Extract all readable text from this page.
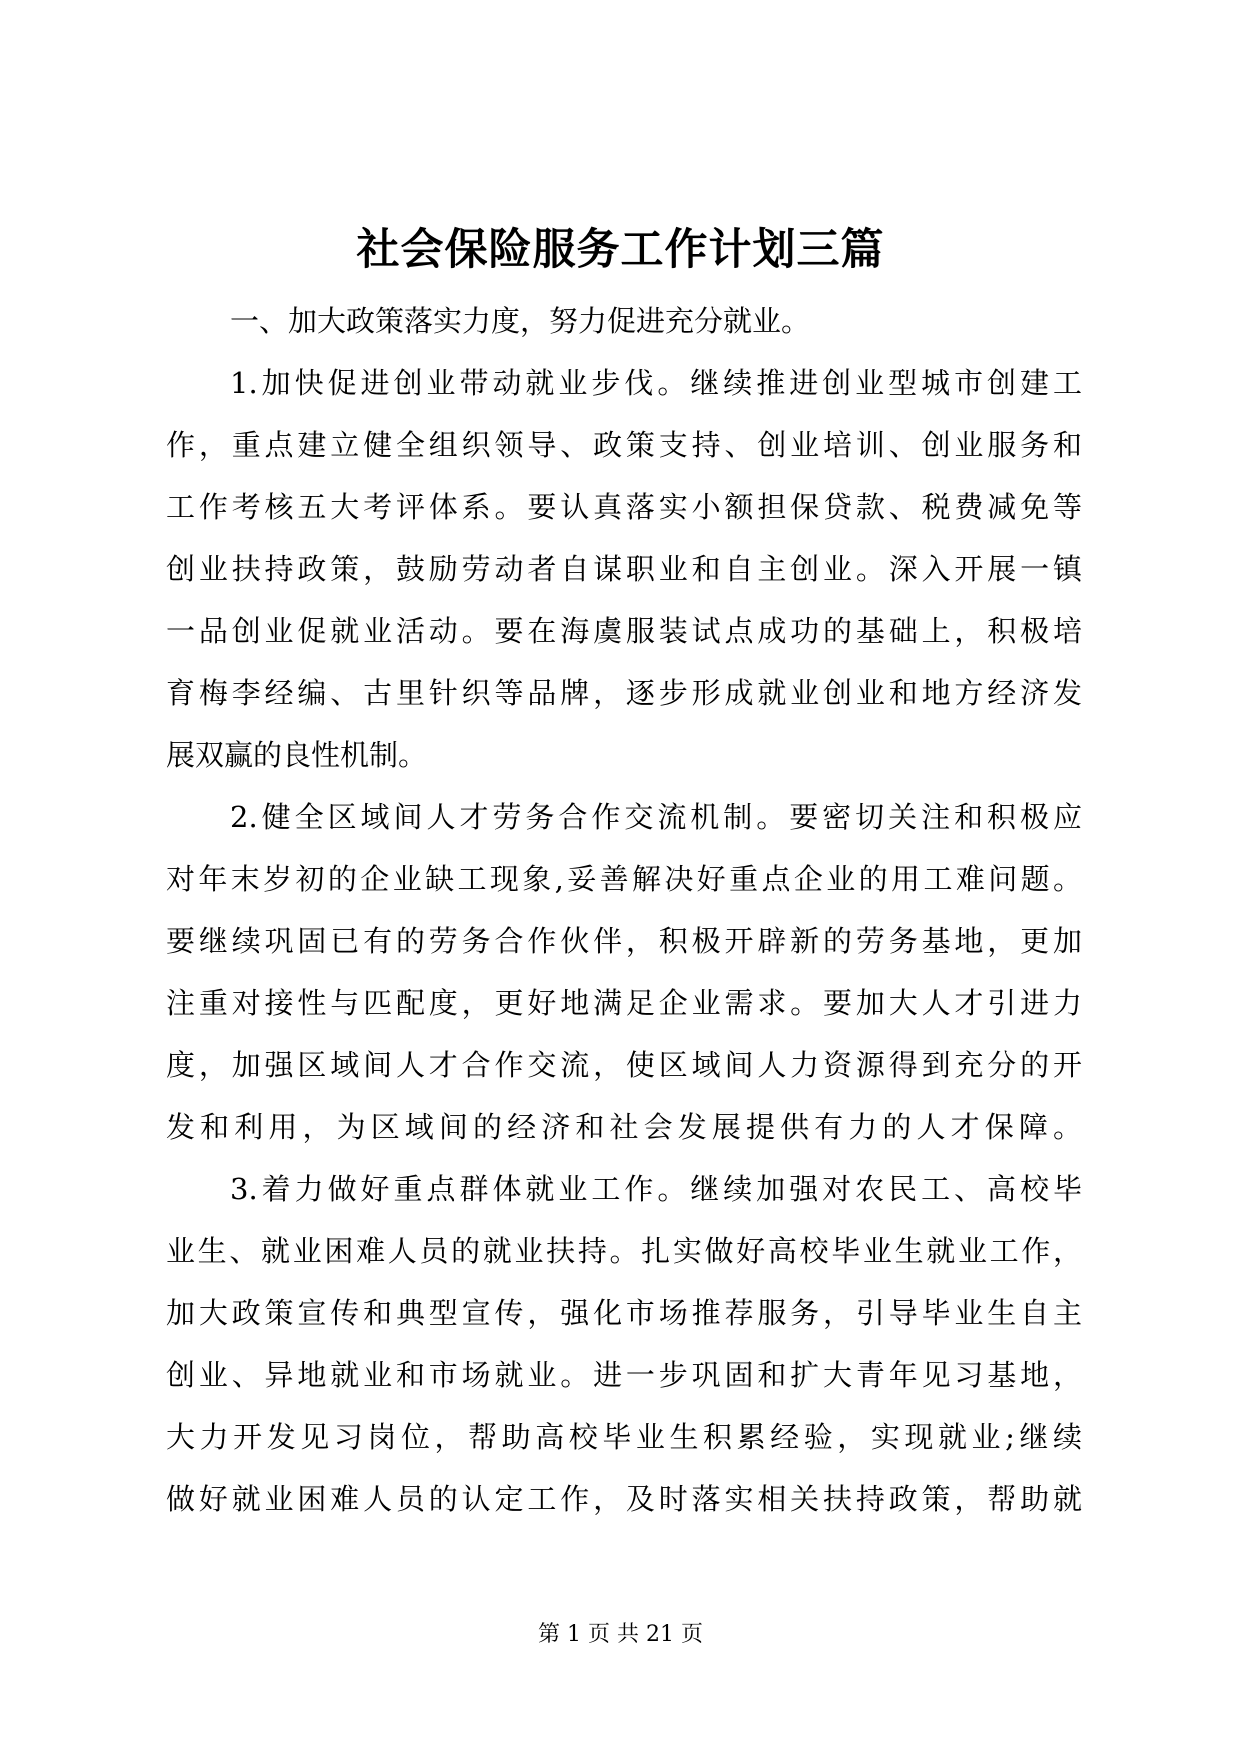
社会保险服务工作计划三篇
一、加大政策落实力度，努力促进充分就业。
1.加快促进创业带动就业步伐。继续推进创业型城市创建工
作，重点建立健全组织领导、政策支持、创业培训、创业服务和
工作考核五大考评体系。要认真落实小额担保贷款、税费减免等
创业扶持政策，鼓励劳动者自谋职业和自主创业。深入开展一镇
一品创业促就业活动。要在海虞服装试点成功的基础上，积极培
育梅李经编、古里针织等品牌，逐步形成就业创业和地方经济发
展双赢的良性机制。
2.健全区域间人才劳务合作交流机制。要密切关注和积极应
对年末岁初的企业缺工现象,妥善解决好重点企业的用工难问题。
要继续巩固已有的劳务合作伙伴，积极开辟新的劳务基地，更加
注重对接性与匹配度，更好地满足企业需求。要加大人才引进力
度，加强区域间人才合作交流，使区域间人力资源得到充分的开
发和利用，为区域间的经济和社会发展提供有力的人才保障。
3.着力做好重点群体就业工作。继续加强对农民工、高校毕
业生、就业困难人员的就业扶持。扎实做好高校毕业生就业工作，
加大政策宣传和典型宣传，强化市场推荐服务，引导毕业生自主
创业、异地就业和市场就业。进一步巩固和扩大青年见习基地，
大力开发见习岗位，帮助高校毕业生积累经验，实现就业;继续
做好就业困难人员的认定工作，及时落实相关扶持政策，帮助就
第 1 页 共 21 页
